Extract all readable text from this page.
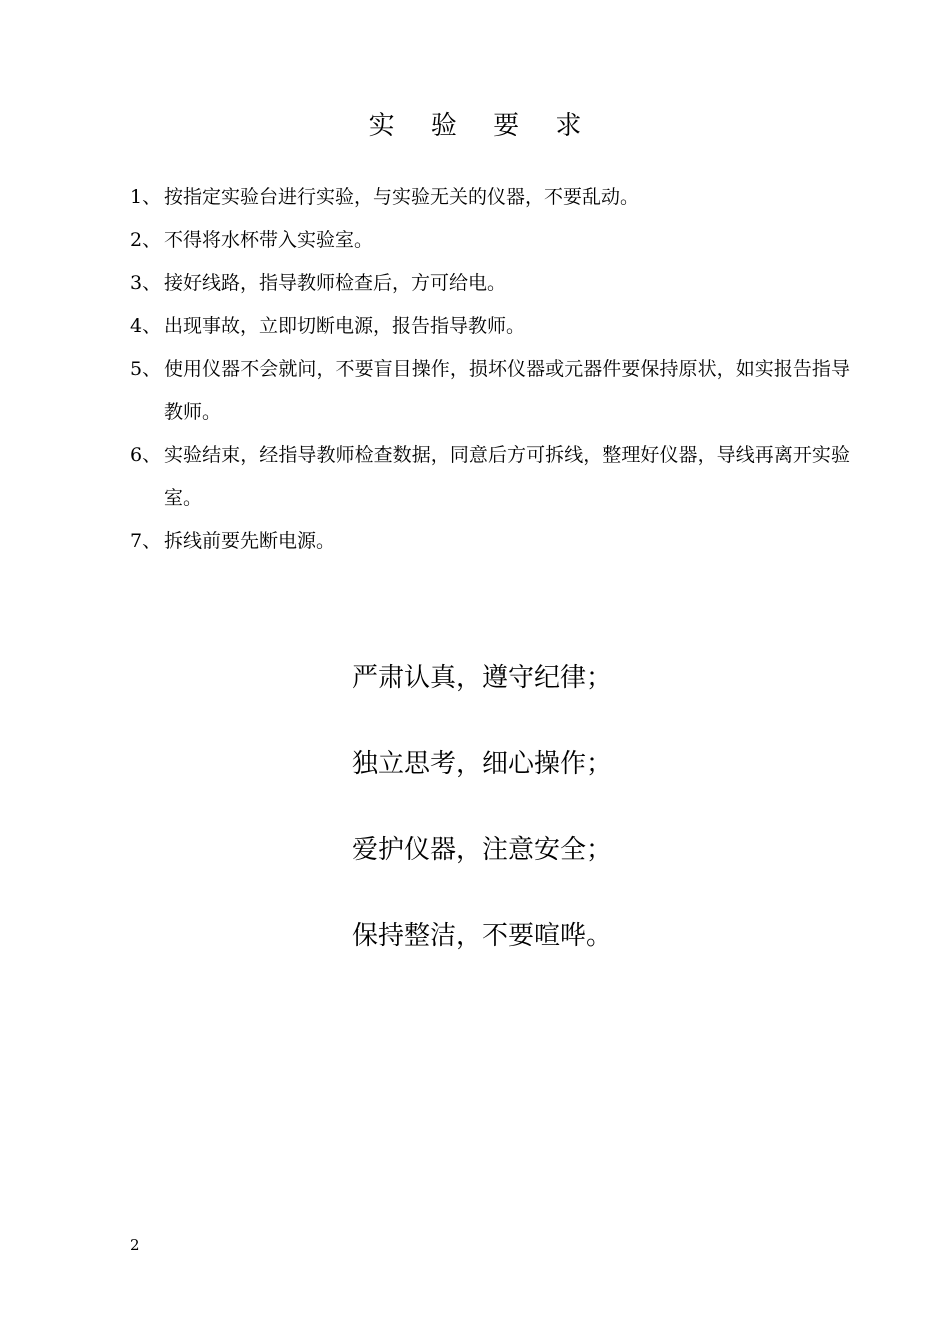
实 验 要 求
1、 按指定实验台进行实验，与实验无关的仪器，不要乱动。
2、 不得将水杯带入实验室。
3、 接好线路，指导教师检查后，方可给电。
4、 出现事故，立即切断电源，报告指导教师。
5、 使用仪器不会就问，不要盲目操作，损坏仪器或元器件要保持原状，如实报告指导教师。
6、 实验结束，经指导教师检查数据，同意后方可拆线，整理好仪器，导线再离开实验室。
7、 拆线前要先断电源。
严肃认真，遵守纪律；
独立思考，细心操作；
爱护仪器，注意安全；
保持整洁，不要喧哗。
2
